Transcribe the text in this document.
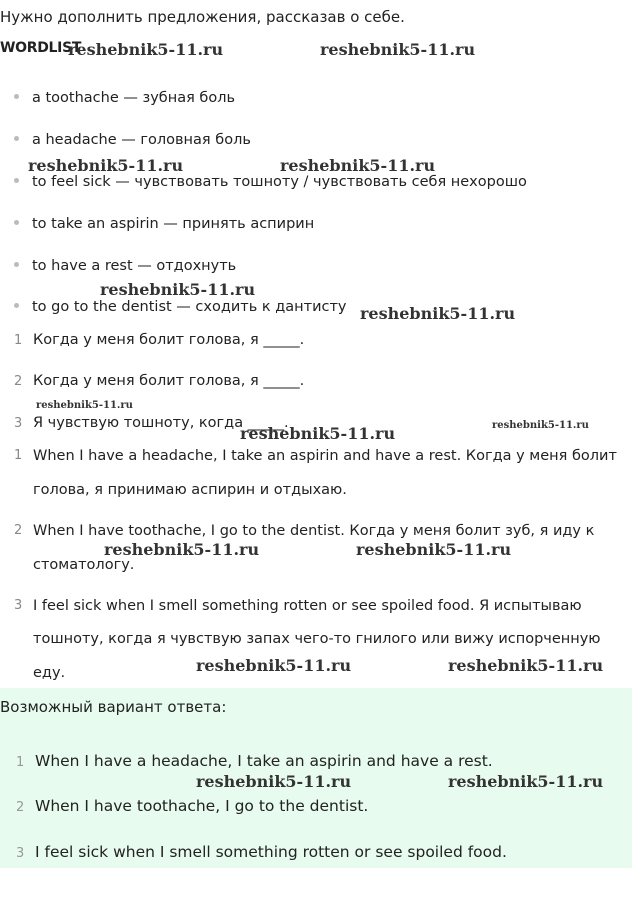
Нужно дополнить предложения, рассказав о себе.
WORDLIST
reshebnik5-11.ru	reshebnik5-11.ru
a toothache — зубная боль
a headache — головная боль
reshebnik5-11.ru	reshebnik5-11.ru
to feel sick — чувствовать тошноту / чувствовать себя нехорошо
to take an aspirin — принять аспирин
to have a rest — отдохнуть
reshebnik5-11.ru
to go to the dentist — сходить к дантисту reshebnik5-11.ru
1 Когда у меня болит голова, я _____.
2 Когда у меня болит голова, я _____.
reshebnik5-11.ru
3 Я чувствую тошноту, когда _____.
reshebnik5-11.ru	reshebnik5-11.ru
1 When I have a headache, I take an aspirin and have a rest. Когда у меня болит
голова, я принимаю аспирин и отдыхаю.
2 When I have toothache, I go to the dentist. Когда у меня болит зуб, я иду к
стоматологу.
reshebnik5-11.ru	reshebnik5-11.ru
3 I feel sick when I smell something rotten or see spoiled food. Я испытываю
тошноту, когда я чувствую запах чего-то гнилого или вижу испорченную
еду.	reshebnik5-11.ru	reshebnik5-11.ru
Возможный вариант ответа:
1 When I have a headache, I take an aspirin and have a rest.
reshebnik5-11.ru	reshebnik5-11.ru
2 When I have toothache, I go to the dentist.
3 I feel sick when I smell something rotten or see spoiled food.
